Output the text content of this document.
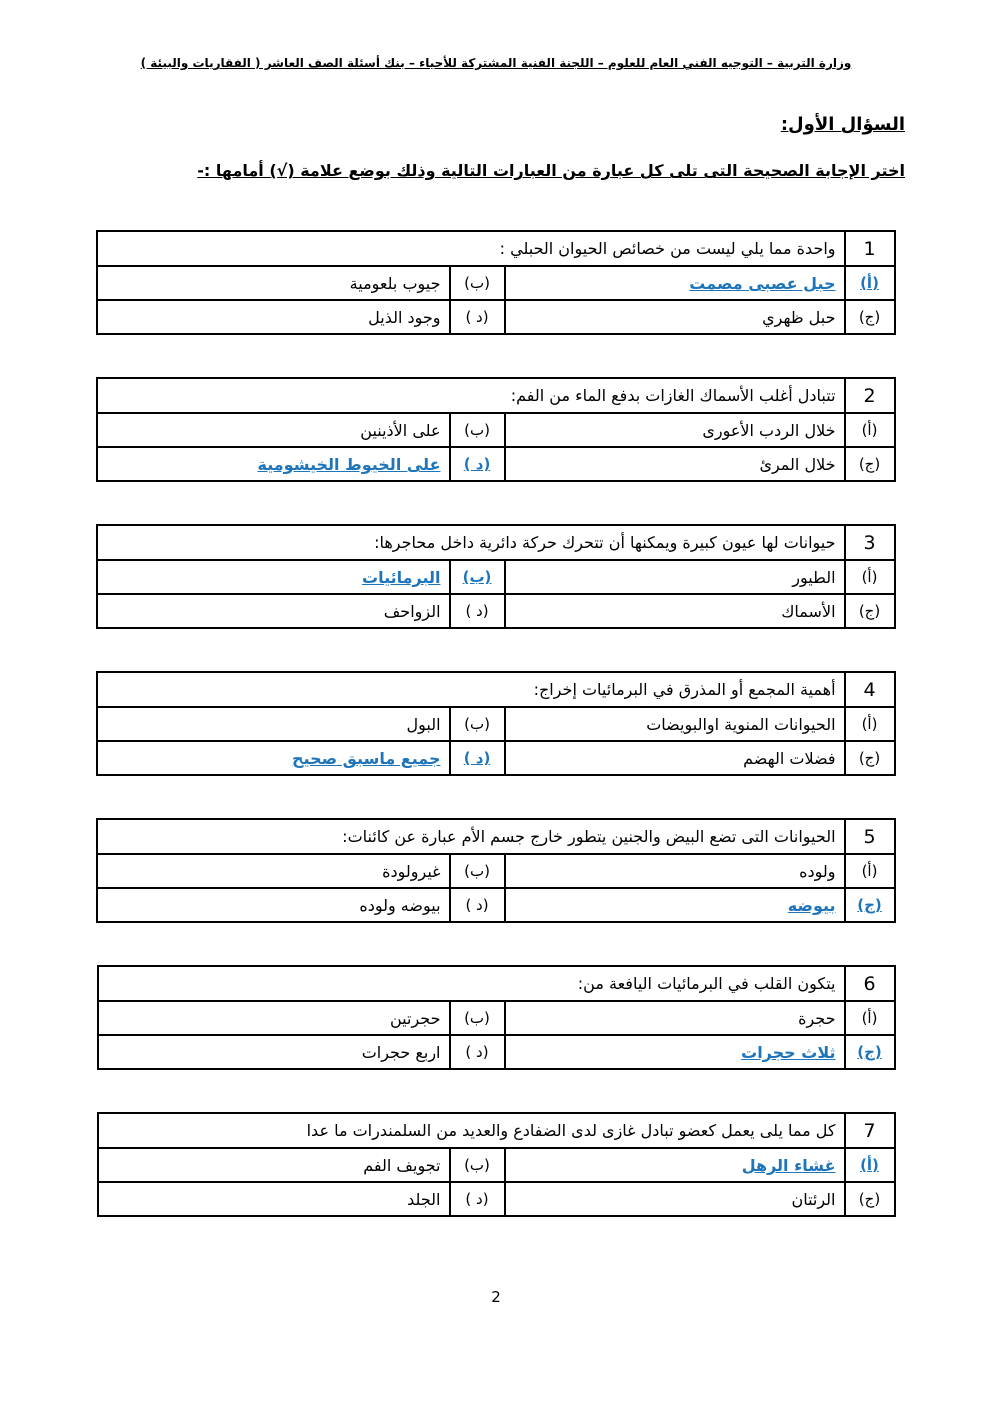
وزارة التربية – التوجيه الفني العام للعلوم – اللجنة الفنية المشتركة للأحياء – بنك أسئلة الصف العاشر ( الفقاريات والبيئة )
السؤال الأول:
اختر الإجابة الصحيحة التى تلى كل عبارة من العبارات التالية وذلك بوضع علامة (√) أمامها :-
1	واحدة مما يلي ليست من خصائص الحيوان الحبلي :		
(أ)	حبل عصبى مصمت	(ب)	جيوب بلعومية
(ج)	حبل ظهري	(د )	وجود الذيل
2	تتبادل أغلب الأسماك الغازات بدفع الماء من الفم:		
(أ)	خلال الردب الأعورى	(ب)	على الأذينين
(ج)	خلال المرئ	(د )	على الخيوط الخيشومية
3	حيوانات لها عيون كبيرة ويمكنها أن تتحرك حركة دائرية داخل محاجرها:		
(أ)	الطيور	(ب)	البرمائيات
(ج)	الأسماك	(د )	الزواحف
4	أهمية المجمع أو المذرق في البرمائيات إخراج:		
(أ)	الحيوانات المنوية اوالبويضات	(ب)	البول
(ج)	فضلات الهضم	(د )	جميع ماسبق صحيح
5	الحيوانات التى تضع البيض والجنين يتطور خارج جسم الأم عبارة عن كائنات:		
(أ)	ولوده	(ب)	غيرولودة
(ج)	بيوضه	(د )	بيوضه ولوده
6	يتكون القلب في البرمائيات اليافعة من:		
(أ)	حجرة	(ب)	حجرتين
(ج)	ثلاث حجرات	(د )	اربع حجرات
7	كل مما يلى يعمل كعضو تبادل غازى لدى الضفادع والعديد من السلمندرات ما عدا		
(أ)	غشاء الرهل	(ب)	تجويف الفم
(ج)	الرئتان	(د )	الجلد
2
